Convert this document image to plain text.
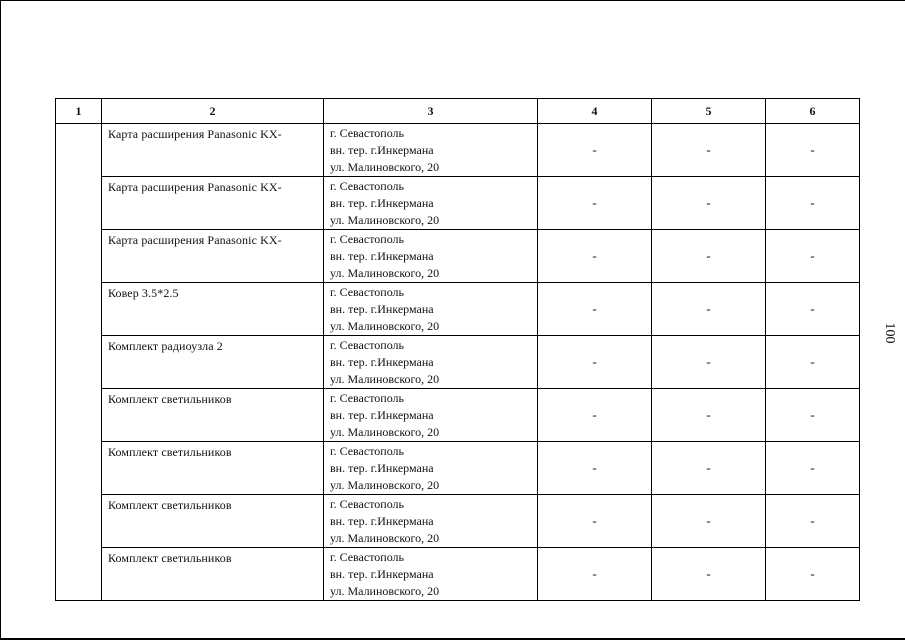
1	2	3	4	5	6
	Карта расширения Panasonic KX-	г. Севастополь
вн. тер. г.Инкермана
ул. Малиновского, 20	-	-	-
	Карта расширения Panasonic KX-	г. Севастополь
вн. тер. г.Инкермана
ул. Малиновского, 20	-	-	-
	Карта расширения Panasonic KX-	г. Севастополь
вн. тер. г.Инкермана
ул. Малиновского, 20	-	-	-
	Ковер 3.5*2.5	г. Севастополь
вн. тер. г.Инкермана
ул. Малиновского, 20	-	-	-
	Комплект радиоузла 2	г. Севастополь
вн. тер. г.Инкермана
ул. Малиновского, 20	-	-	-
	Комплект светильников	г. Севастополь
вн. тер. г.Инкермана
ул. Малиновского, 20	-	-	-
	Комплект светильников	г. Севастополь
вн. тер. г.Инкермана
ул. Малиновского, 20	-	-	-
	Комплект светильников	г. Севастополь
вн. тер. г.Инкермана
ул. Малиновского, 20	-	-	-
	Комплект светильников	г. Севастополь
вн. тер. г.Инкермана
ул. Малиновского, 20	-	-	-
100
